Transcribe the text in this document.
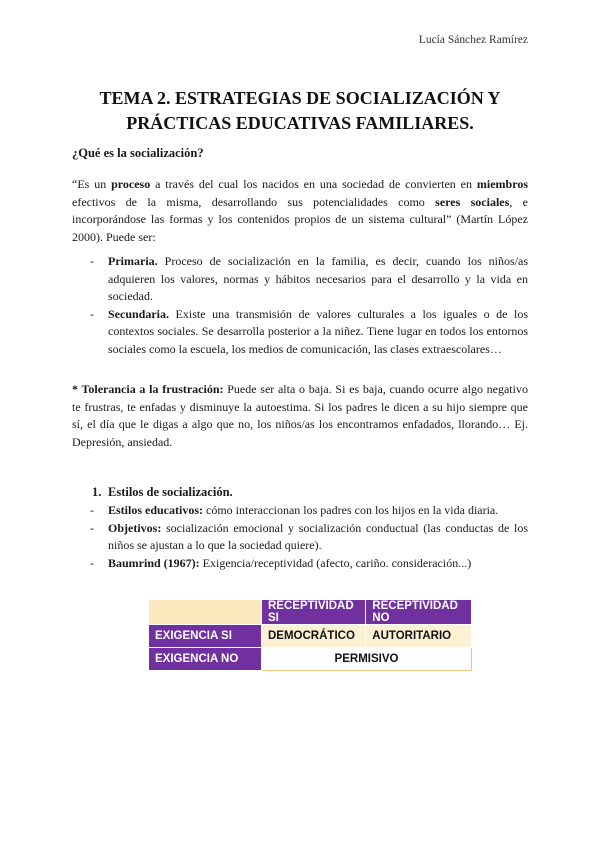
Lucía Sánchez Ramírez
TEMA 2. ESTRATEGIAS DE SOCIALIZACIÓN Y PRÁCTICAS EDUCATIVAS FAMILIARES.
¿Qué es la socialización?
“Es un proceso a través del cual los nacidos en una sociedad de convierten en miembros efectivos de la misma, desarrollando sus potencialidades como seres sociales, e incorporándose las formas y los contenidos propios de un sistema cultural” (Martín López 2000). Puede ser:
- Primaria. Proceso de socialización en la familia, es decir, cuando los niños/as adquieren los valores, normas y hábitos necesarios para el desarrollo y la vida en sociedad.
- Secundaria. Existe una transmisión de valores culturales a los iguales o de los contextos sociales. Se desarrolla posterior a la niñez. Tiene lugar en todos los entornos sociales como la escuela, los medios de comunicación, las clases extraescolares…
* Tolerancia a la frustración: Puede ser alta o baja. Si es baja, cuando ocurre algo negativo te frustras, te enfadas y disminuye la autoestima. Si los padres le dicen a su hijo siempre que sí, el día que le digas a algo que no, los niños/as los encontramos enfadados, llorando… Ej. Depresión, ansiedad.
1. Estilos de socialización.
- Estilos educativos: cómo interaccionan los padres con los hijos en la vida diaria.
- Objetivos: socialización emocional y socialización conductual (las conductas de los niños se ajustan a lo que la sociedad quiere).
- Baumrind (1967): Exigencia/receptividad (afecto, cariño. consideración...)
	RECEPTIVIDAD SI	RECEPTIVIDAD NO
EXIGENCIA SI	DEMOCRÁTICO	AUTORITARIO
EXIGENCIA NO	PERMISIVO	
